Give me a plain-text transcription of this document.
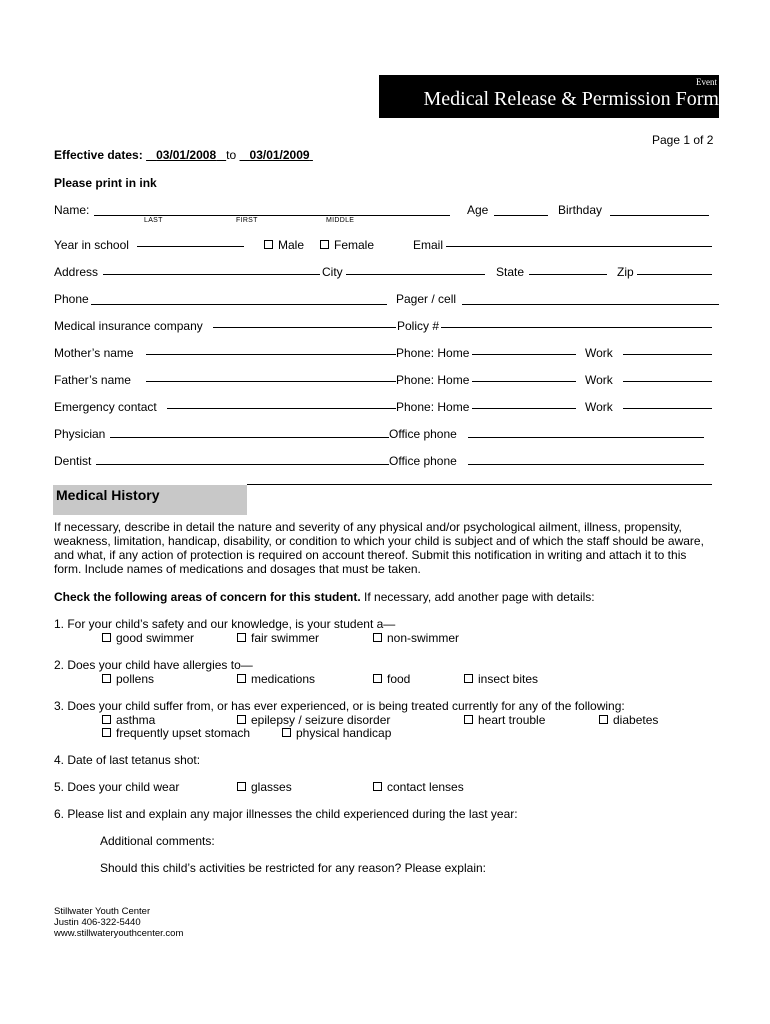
Event
Medical Release & Permission Form
Page 1 of 2
Effective dates: 03/01/2008 to 03/01/2009
Please print in ink
Name:
LAST	FIRST	MIDDLE
Age	Birthday
Year in school	Male	Female	Email
Address	City	State	Zip
Phone	Pager / cell
Medical insurance company	Policy #
Mother’s name	Phone: Home	Work
Father’s name	Phone: Home	Work
Emergency contact	Phone: Home	Work
Physician	Office phone
Dentist	Office phone
Medical History
If necessary, describe in detail the nature and severity of any physical and/or psychological ailment, illness, propensity, weakness, limitation, handicap, disability, or condition to which your child is subject and of which the staff should be aware, and what, if any action of protection is required on account thereof. Submit this notification in writing and attach it to this form. Include names of medications and dosages that must be taken.
Check the following areas of concern for this student. If necessary, add another page with details:
1. For your child’s safety and our knowledge, is your student a—
good swimmer	fair swimmer	non-swimmer
2. Does your child have allergies to—
pollens	medications	food	insect bites
3. Does your child suffer from, or has ever experienced, or is being treated currently for any of the following:
asthma	epilepsy / seizure disorder	heart trouble	diabetes
frequently upset stomach	physical handicap
4. Date of last tetanus shot:
5. Does your child wear	glasses	contact lenses
6. Please list and explain any major illnesses the child experienced during the last year:
Additional comments:
Should this child’s activities be restricted for any reason? Please explain:
Stillwater Youth Center
Justin 406-322-5440
www.stillwateryouthcenter.com
